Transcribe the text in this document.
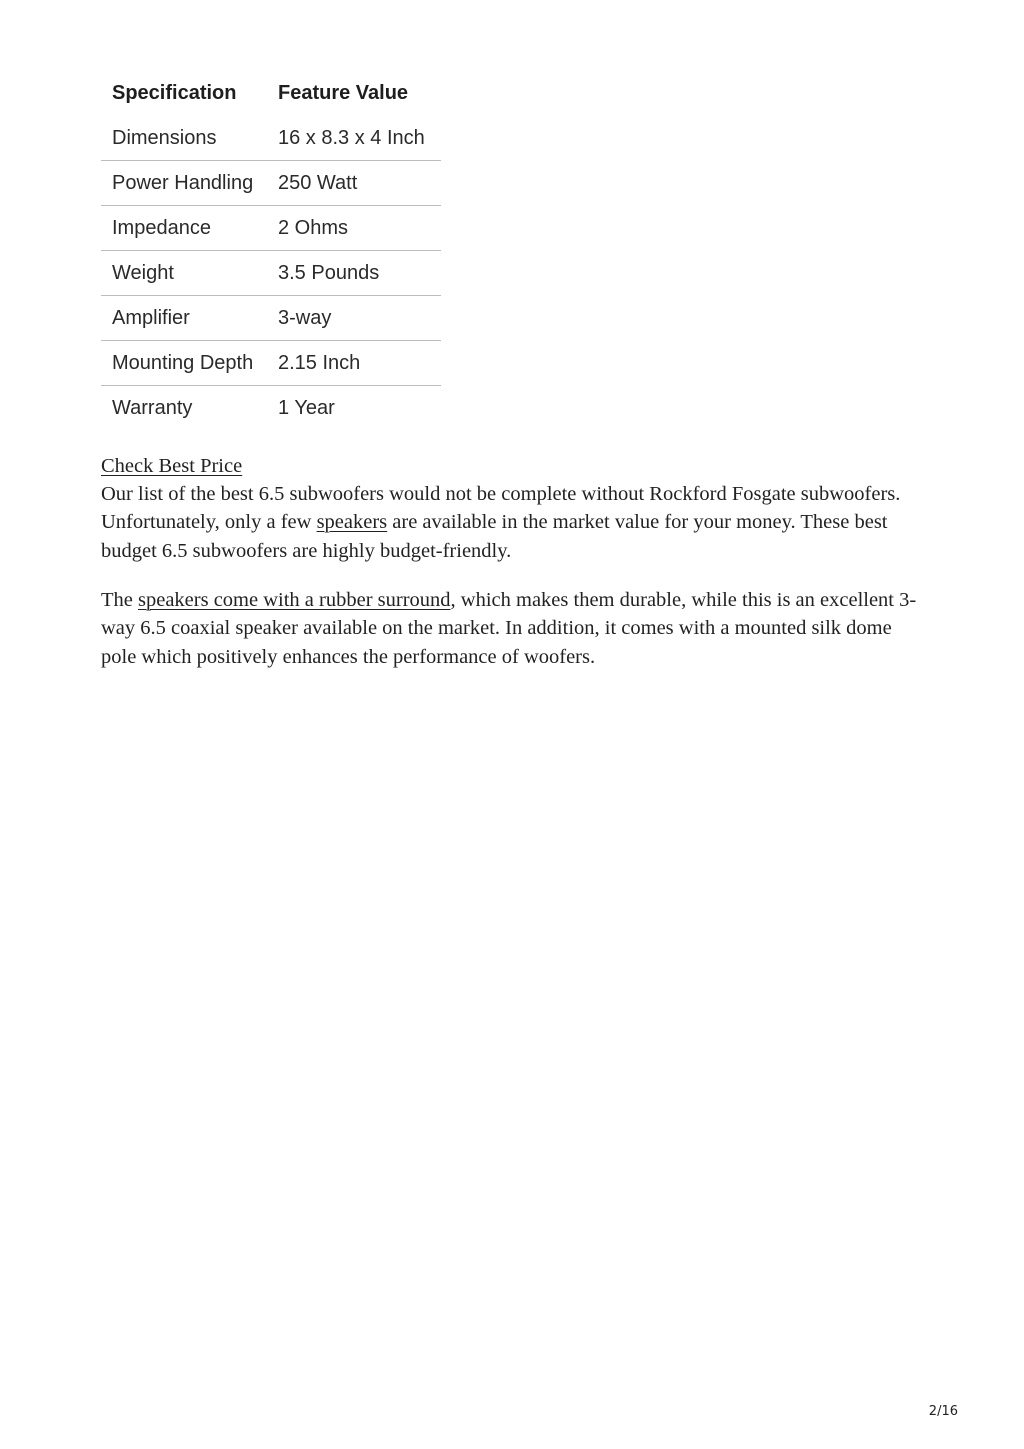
Specification	Feature Value
Dimensions	16 x 8.3 x 4 Inch
Power Handling	250 Watt
Impedance	2 Ohms
Weight	3.5 Pounds
Amplifier	3-way
Mounting Depth	2.15 Inch
Warranty	1 Year
Check Best Price

Our list of the best 6.5 subwoofers would not be complete without Rockford Fosgate subwoofers. Unfortunately, only a few speakers are available in the market value for your money. These best budget 6.5 subwoofers are highly budget-friendly.

The speakers come with a rubber surround, which makes them durable, while this is an excellent 3-way 6.5 coaxial speaker available on the market. In addition, it comes with a mounted silk dome pole which positively enhances the performance of woofers.

2/16
